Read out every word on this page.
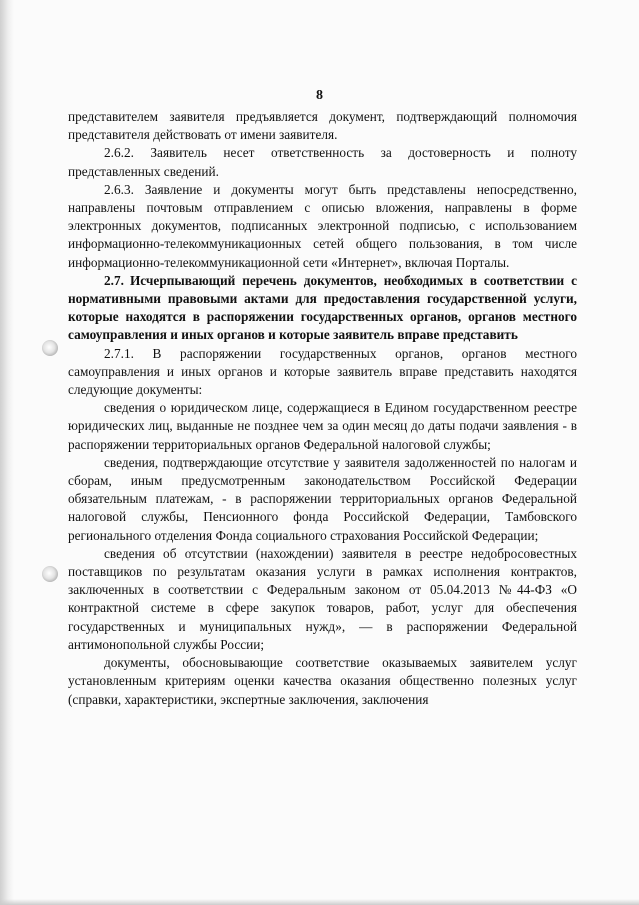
8

представителем заявителя предъявляется документ, подтверждающий полномочия представителя действовать от имени заявителя.

2.6.2. Заявитель несет ответственность за достоверность и полноту представленных сведений.

2.6.3. Заявление и документы могут быть представлены непосредственно, направлены почтовым отправлением с описью вложения, направлены в форме электронных документов, подписанных электронной подписью, с использованием информационно-телекоммуникационных сетей общего пользования, в том числе информационно-телекоммуникационной сети «Интернет», включая Порталы.

2.7. Исчерпывающий перечень документов, необходимых в соответствии с нормативными правовыми актами для предоставления государственной услуги, которые находятся в распоряжении государственных органов, органов местного самоуправления и иных органов и которые заявитель вправе представить

2.7.1. В распоряжении государственных органов, органов местного самоуправления и иных органов и которые заявитель вправе представить находятся следующие документы:

сведения о юридическом лице, содержащиеся в Едином государственном реестре юридических лиц, выданные не позднее чем за один месяц до даты подачи заявления - в распоряжении территориальных органов Федеральной налоговой службы;

сведения, подтверждающие отсутствие у заявителя задолженностей по налогам и сборам, иным предусмотренным законодательством Российской Федерации обязательным платежам, - в распоряжении территориальных органов Федеральной налоговой службы, Пенсионного фонда Российской Федерации, Тамбовского регионального отделения Фонда социального страхования Российской Федерации;

сведения об отсутствии (нахождении) заявителя в реестре недобросовестных поставщиков по результатам оказания услуги в рамках исполнения контрактов, заключенных в соответствии с Федеральным законом от 05.04.2013 №44-ФЗ «О контрактной системе в сфере закупок товаров, работ, услуг для обеспечения государственных и муниципальных нужд», — в распоряжении Федеральной антимонопольной службы России;

документы, обосновывающие соответствие оказываемых заявителем услуг установленным критериям оценки качества оказания общественно полезных услуг (справки, характеристики, экспертные заключения, заключения
